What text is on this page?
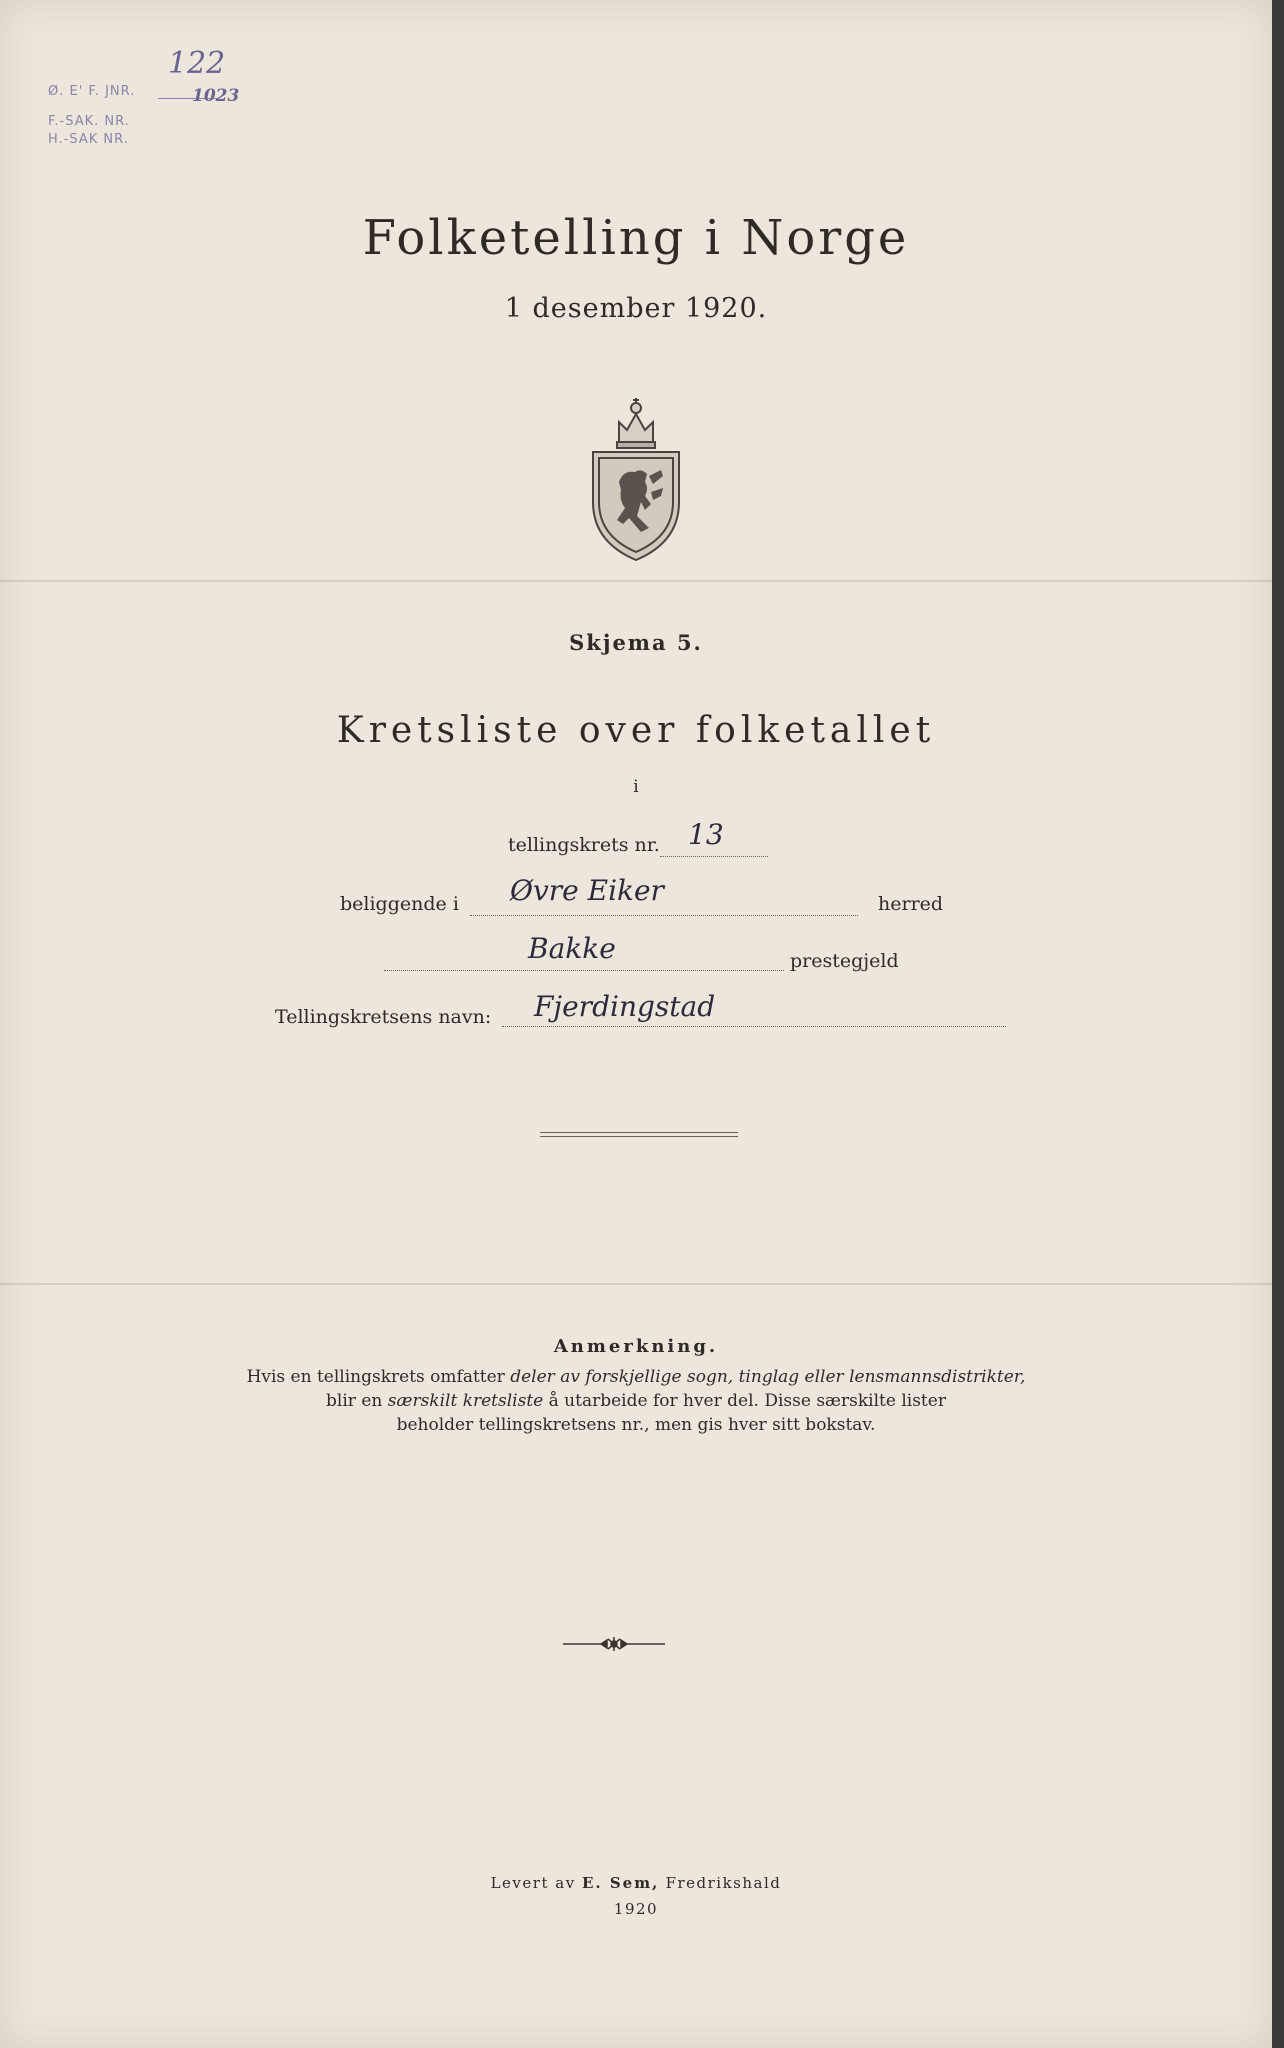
Ø. E' F. JNR.
122
1023
F.-SAK. NR.
H.-SAK NR.
Folketelling i Norge
1 desember 1920.
Skjema 5.
Kretsliste over folketallet
i
tellingskrets nr. 13
beliggende i Øvre Eiker	herred
Bakke	prestegjeld
Tellingskretsens navn: Fjerdingstad
Anmerkning.
Hvis en tellingskrets omfatter deler av forskjellige sogn, tinglag eller lensmannsdistrikter,
blir en særskilt kretsliste å utarbeide for hver del. Disse særskilte lister
beholder tellingskretsens nr., men gis hver sitt bokstav.
Levert av E. Sem, Fredrikshald
1920
